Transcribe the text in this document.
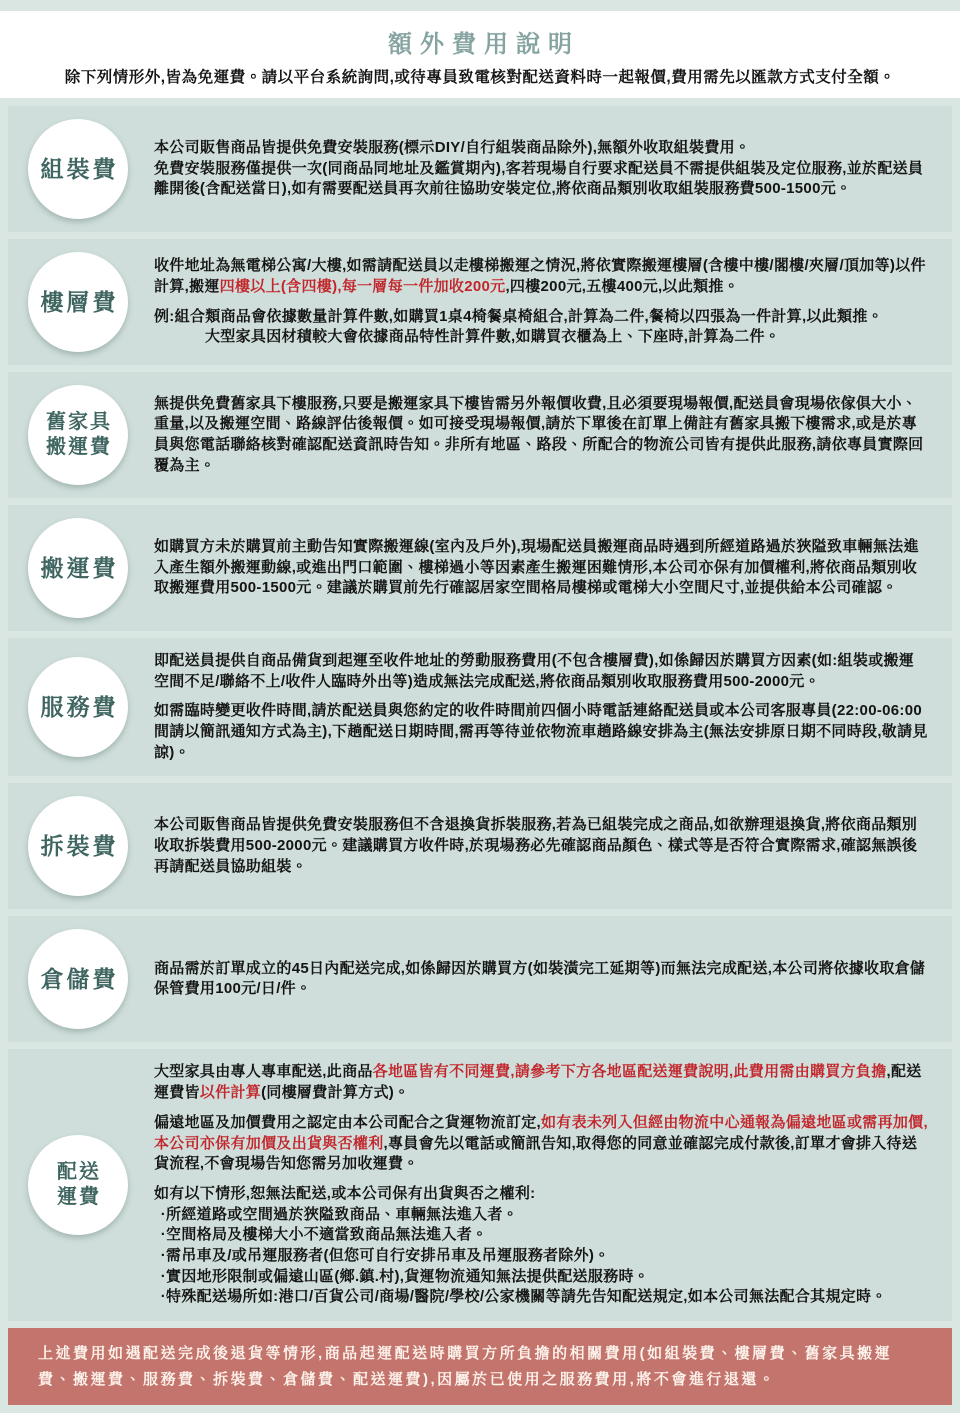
額外費用說明

除下列情形外,皆為免運費。請以平台系統詢問,或待專員致電核對配送資料時一起報價,費用需先以匯款方式支付全額。

組裝費

本公司販售商品皆提供免費安裝服務(標示DIY/自行組裝商品除外),無額外收取組裝費用。

免費安裝服務僅提供一次(同商品同地址及鑑賞期內),客若現場自行要求配送員不需提供組裝及定位服務,並於配送員離開後(含配送當日),如有需要配送員再次前往協助安裝定位,將依商品類別收取組裝服務費500-1500元。

樓層費

收件地址為無電梯公寓/大樓,如需請配送員以走樓梯搬運之情況,將依實際搬運樓層(含樓中樓/閣樓/夾層/頂加等)以件計算,搬運四樓以上(含四樓),每一層每一件加收200元,四樓200元,五樓400元,以此類推。

例:組合類商品會依據數量計算件數,如購買1桌4椅餐桌椅組合,計算為二件,餐椅以四張為一件計算,以此類推。

大型家具因材積較大會依據商品特性計算件數,如購買衣櫃為上、下座時,計算為二件。

舊家具
搬運費

無提供免費舊家具下樓服務,只要是搬運家具下樓皆需另外報價收費,且必須要現場報價,配送員會現場依傢俱大小、重量,以及搬運空間、路線評估後報價。如可接受現場報價,請於下單後在訂單上備註有舊家具搬下樓需求,或是於專員與您電話聯絡核對確認配送資訊時告知。非所有地區、路段、所配合的物流公司皆有提供此服務,請依專員實際回覆為主。

搬運費

如購買方未於購買前主動告知實際搬運線(室內及戶外),現場配送員搬運商品時遇到所經道路過於狹隘致車輛無法進入產生額外搬運動線,或進出門口範圍、樓梯過小等因素產生搬運困難情形,本公司亦保有加價權利,將依商品類別收取搬運費用500-1500元。建議於購買前先行確認居家空間格局樓梯或電梯大小空間尺寸,並提供給本公司確認。

服務費

即配送員提供自商品備貨到起運至收件地址的勞動服務費用(不包含樓層費),如係歸因於購買方因素(如:組裝或搬運空間不足/聯絡不上/收件人臨時外出等)造成無法完成配送,將依商品類別收取服務費用500-2000元。

如需臨時變更收件時間,請於配送員與您約定的收件時間前四個小時電話連絡配送員或本公司客服專員(22:00-06:00間請以簡訊通知方式為主),下趟配送日期時間,需再等待並依物流車趟路線安排為主(無法安排原日期不同時段,敬請見諒)。

拆裝費

本公司販售商品皆提供免費安裝服務但不含退換貨拆裝服務,若為已組裝完成之商品,如欲辦理退換貨,將依商品類別收取拆裝費用500-2000元。建議購買方收件時,於現場務必先確認商品顏色、樣式等是否符合實際需求,確認無誤後再請配送員協助組裝。

倉儲費 商品需於訂單成立的45日內配送完成,如係歸因於購買方(如裝潢完工延期等)而無法完成配送,本公司將依據收取倉儲保管費用100元/日/件。

配送
運費

大型家具由專人專車配送,此商品各地區皆有不同運費,請參考下方各地區配送運費說明,此費用需由購買方負擔,配送運費皆以件計算(同樓層費計算方式)。

偏遠地區及加價費用之認定由本公司配合之貨運物流訂定,如有表未列入但經由物流中心通報為偏遠地區或需再加價,本公司亦保有加價及出貨與否權利,專員會先以電話或簡訊告知,取得您的同意並確認完成付款後,訂單才會排入待送貨流程,不會現場告知您需另加收運費。

如有以下情形,恕無法配送,或本公司保有出貨與否之權利:

·所經道路或空間過於狹隘致商品、車輛無法進入者。

·空間格局及樓梯大小不適當致商品無法進入者。

·需吊車及/或吊運服務者(但您可自行安排吊車及吊運服務者除外)。

·實因地形限制或偏遠山區(鄉.鎮.村),貨運物流通知無法提供配送服務時。

·特殊配送場所如:港口/百貨公司/商場/醫院/學校/公家機關等請先告知配送規定,如本公司無法配合其規定時。

上述費用如遇配送完成後退貨等情形,商品起運配送時購買方所負擔的相關費用(如組裝費、樓層費、舊家具搬運費、搬運費、服務費、拆裝費、倉儲費、配送運費),因屬於已使用之服務費用,將不會進行退還。
